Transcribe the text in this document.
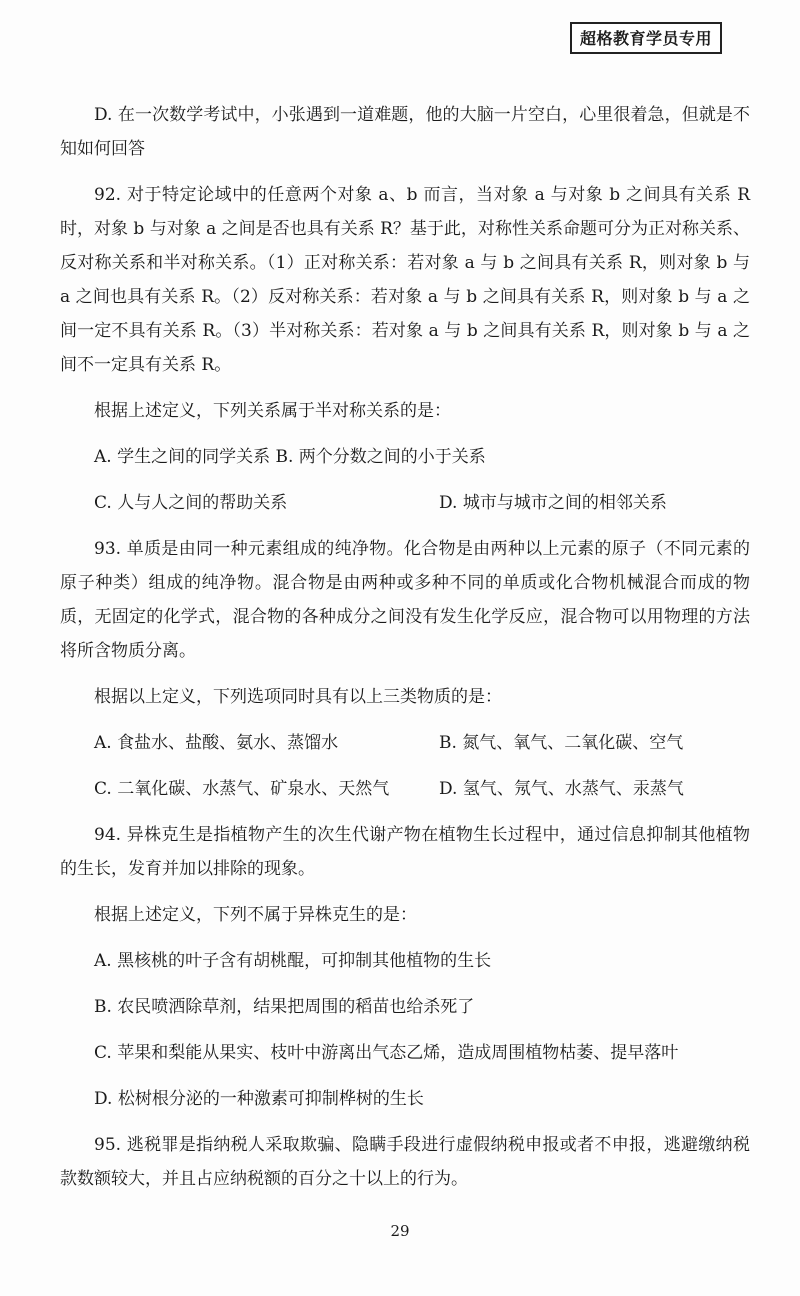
超格教育学员专用

D. 在一次数学考试中，小张遇到一道难题，他的大脑一片空白，心里很着急，但就是不知如何回答

92. 对于特定论域中的任意两个对象 a、b 而言，当对象 a 与对象 b 之间具有关系 R 时，对象 b 与对象 a 之间是否也具有关系 R？基于此，对称性关系命题可分为正对称关系、反对称关系和半对称关系。（1）正对称关系：若对象 a 与 b 之间具有关系 R，则对象 b 与 a 之间也具有关系 R。（2）反对称关系：若对象 a 与 b 之间具有关系 R，则对象 b 与 a 之间一定不具有关系 R。（3）半对称关系：若对象 a 与 b 之间具有关系 R，则对象 b 与 a 之间不一定具有关系 R。

根据上述定义，下列关系属于半对称关系的是：

A. 学生之间的同学关系 B. 两个分数之间的小于关系
C. 人与人之间的帮助关系	D. 城市与城市之间的相邻关系

93. 单质是由同一种元素组成的纯净物。化合物是由两种以上元素的原子（不同元素的原子种类）组成的纯净物。混合物是由两种或多种不同的单质或化合物机械混合而成的物质，无固定的化学式，混合物的各种成分之间没有发生化学反应，混合物可以用物理的方法将所含物质分离。

根据以上定义，下列选项同时具有以上三类物质的是：

A. 食盐水、盐酸、氨水、蒸馏水	B. 氮气、氧气、二氧化碳、空气
C. 二氧化碳、水蒸气、矿泉水、天然气	D. 氢气、氖气、水蒸气、汞蒸气

94. 异株克生是指植物产生的次生代谢产物在植物生长过程中，通过信息抑制其他植物的生长，发育并加以排除的现象。

根据上述定义，下列不属于异株克生的是：

A. 黑核桃的叶子含有胡桃醌，可抑制其他植物的生长
B. 农民喷洒除草剂，结果把周围的稻苗也给杀死了
C. 苹果和梨能从果实、枝叶中游离出气态乙烯，造成周围植物枯萎、提早落叶
D. 松树根分泌的一种激素可抑制桦树的生长

95. 逃税罪是指纳税人采取欺骗、隐瞒手段进行虚假纳税申报或者不申报，逃避缴纳税款数额较大，并且占应纳税额的百分之十以上的行为。

29
